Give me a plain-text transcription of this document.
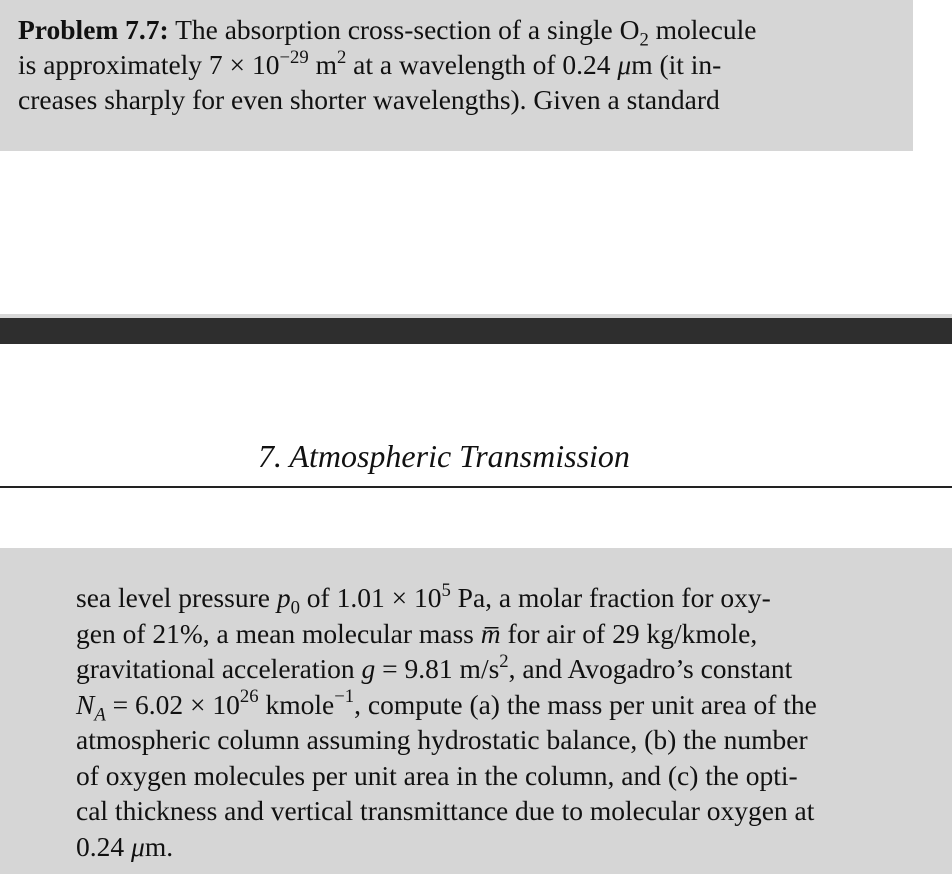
Problem 7.7: The absorption cross-section of a single $O_2$ molecule
is approximately $7 \times 10^{-29}$ $m^2$ at a wavelength of 0.24 μm (it in-
creases sharply for even shorter wavelengths). Given a standard
7. Atmospheric Transmission
sea level pressure $p_0$ of $1.01 \times 10^5$ Pa, a molar fraction for oxy-
gen of 21%, a mean molecular mass m̅ for air of 29 kg/kmole,
gravitational acceleration g = 9.81 $m/s^2$, and Avogadro’s constant
$N_A = 6.02 \times 10^{26}$ kmole$^{-1}$, compute (a) the mass per unit area of the
atmospheric column assuming hydrostatic balance, (b) the number
of oxygen molecules per unit area in the column, and (c) the opti-
cal thickness and vertical transmittance due to molecular oxygen at
0.24 μm.
